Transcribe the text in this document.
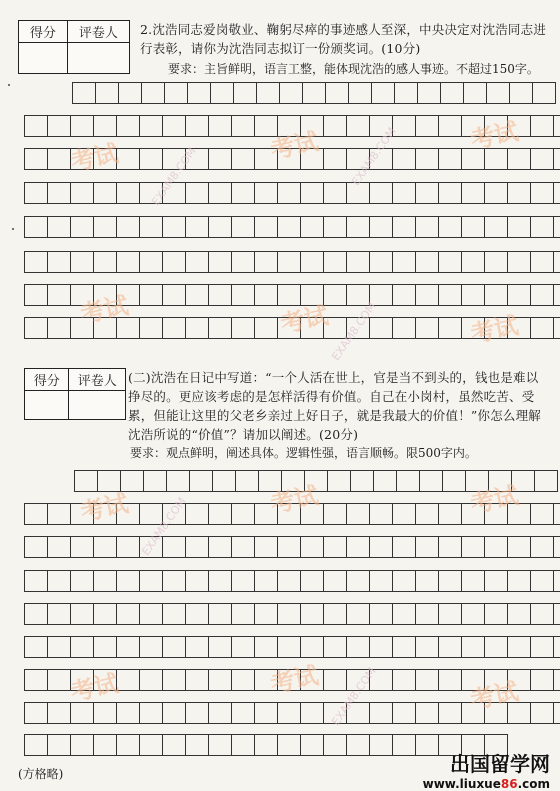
得分	评卷人	2.沈浩同志爱岗敬业、鞠躬尽瘁的事迹感人至深，中央决定对沈浩同志进行表彰，请你为沈浩同志拟订一份颁奖词。(10分)
要求：主旨鲜明，语言工整，能体现沈浩的感人事迹。不超过150字。
得分	评卷人 (二)沈浩在日记中写道：“一个人活在世上，官是当不到头的，钱也是难以挣尽的。更应该考虑的是怎样活得有价值。自己在小岗村，虽然吃苦、受累，但能让这里的父老乡亲过上好日子，就是我最大的价值！”你怎么理解沈浩所说的“价值”？请加以阐述。(20分)
要求：观点鲜明，阐述具体。逻辑性强，语言顺畅。限500字内。
考试	考试	考试
考试	考试	考试
考试	考试	考试
考试	考试	考试
EXAM8.COM	EXAM8.COM
EXAM8.COM
EXAM8.COM
EXAM8.COM
(方格略)	出国留学网
www.liuxue86.com
